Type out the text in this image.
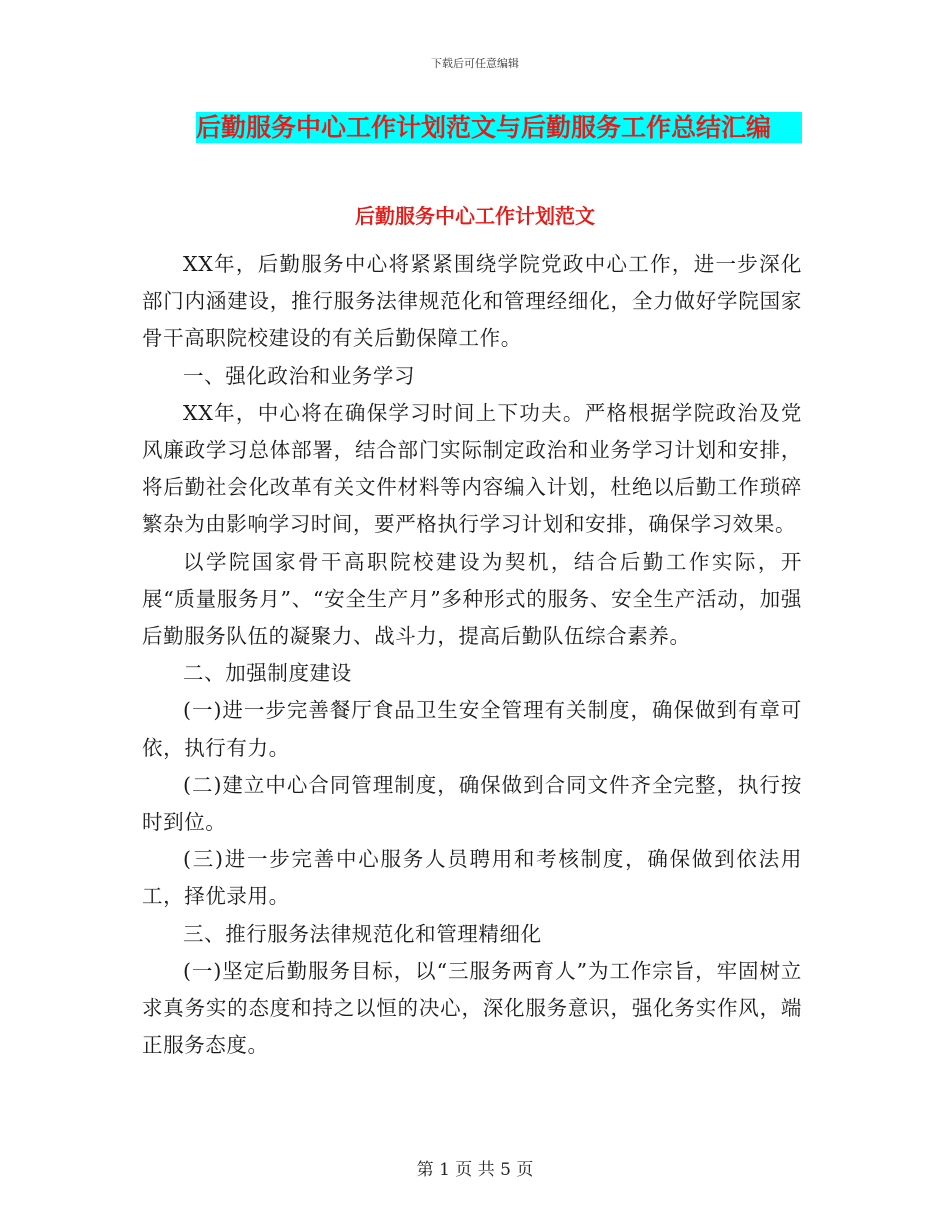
下载后可任意编辑
后勤服务中心工作计划范文与后勤服务工作总结汇编
后勤服务中心工作计划范文

XX年，后勤服务中心将紧紧围绕学院党政中心工作，进一步深化部门内涵建设，推行服务法律规范化和管理经细化，全力做好学院国家骨干高职院校建设的有关后勤保障工作。

一、强化政治和业务学习

XX年，中心将在确保学习时间上下功夫。严格根据学院政治及党风廉政学习总体部署，结合部门实际制定政治和业务学习计划和安排，将后勤社会化改革有关文件材料等内容编入计划，杜绝以后勤工作琐碎繁杂为由影响学习时间，要严格执行学习计划和安排，确保学习效果。

以学院国家骨干高职院校建设为契机，结合后勤工作实际，开展“质量服务月”、“安全生产月”多种形式的服务、安全生产活动，加强后勤服务队伍的凝聚力、战斗力，提高后勤队伍综合素养。

二、加强制度建设

(一)进一步完善餐厅食品卫生安全管理有关制度，确保做到有章可依，执行有力。

(二)建立中心合同管理制度，确保做到合同文件齐全完整，执行按时到位。

(三)进一步完善中心服务人员聘用和考核制度，确保做到依法用工，择优录用。

三、推行服务法律规范化和管理精细化

(一)坚定后勤服务目标，以“三服务两育人”为工作宗旨，牢固树立求真务实的态度和持之以恒的决心，深化服务意识，强化务实作风，端正服务态度。

第 1 页 共 5 页
